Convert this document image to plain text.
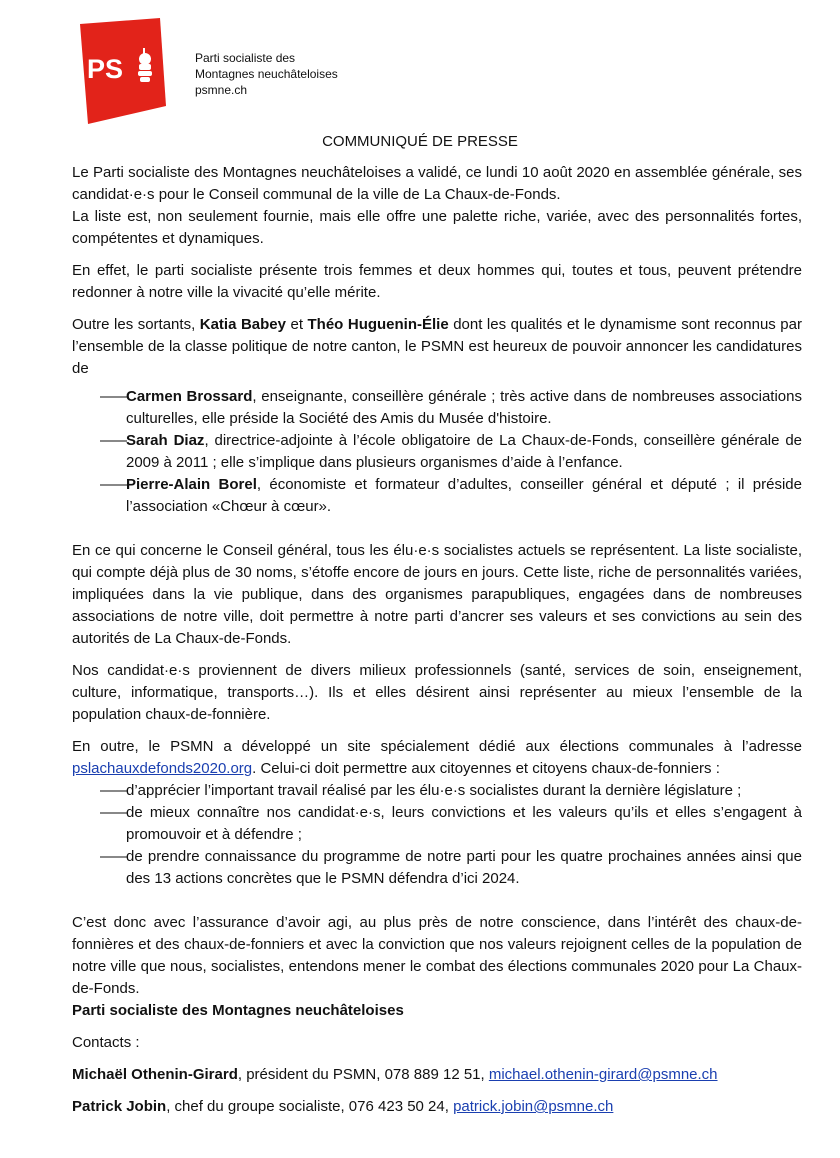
PS	Parti socialiste des
Montagnes neuchâteloises
psmne.ch
COMMUNIQUÉ DE PRESSE

Le Parti socialiste des Montagnes neuchâteloises a validé, ce lundi 10 août 2020 en assemblée générale, ses candidat·e·s pour le Conseil communal de la ville de La Chaux-de-Fonds.

La liste est, non seulement fournie, mais elle offre une palette riche, variée, avec des personnalités fortes, compétentes et dynamiques.

En effet, le parti socialiste présente trois femmes et deux hommes qui, toutes et tous, peuvent prétendre redonner à notre ville la vivacité qu’elle mérite.

Outre les sortants, Katia Babey et Théo Huguenin-Élie dont les qualités et le dynamisme sont reconnus par l’ensemble de la classe politique de notre canton, le PSMN est heureux de pouvoir annoncer les candidatures de

—— Carmen Brossard, enseignante, conseillère générale ; très active dans de nombreuses associations culturelles, elle préside la Société des Amis du Musée d'histoire.
—— Sarah Diaz, directrice-adjointe à l’école obligatoire de La Chaux-de-Fonds, conseillère générale de 2009 à 2011 ; elle s’implique dans plusieurs organismes d’aide à l’enfance.
—— Pierre-Alain Borel, économiste et formateur d’adultes, conseiller général et député ; il préside l’association «Chœur à cœur».

En ce qui concerne le Conseil général, tous les élu·e·s socialistes actuels se représentent. La liste socialiste, qui compte déjà plus de 30 noms, s’étoffe encore de jours en jours. Cette liste, riche de personnalités variées, impliquées dans la vie publique, dans des organismes parapubliques, engagées dans de nombreuses associations de notre ville, doit permettre à notre parti d’ancrer ses valeurs et ses convictions au sein des autorités de La Chaux-de-Fonds.

Nos candidat·e·s proviennent de divers milieux professionnels (santé, services de soin, enseignement, culture, informatique, transports…). Ils et elles désirent ainsi représenter au mieux l’ensemble de la population chaux-de-fonnière.

En outre, le PSMN a développé un site spécialement dédié aux élections communales à l’adresse pslachauxdefonds2020.org. Celui-ci doit permettre aux citoyennes et citoyens chaux-de-fonniers :

—— d’apprécier l’important travail réalisé par les élu·e·s socialistes durant la dernière législature ;
—— de mieux connaître nos candidat·e·s, leurs convictions et les valeurs qu’ils et elles s’engagent à promouvoir et à défendre ;
—— de prendre connaissance du programme de notre parti pour les quatre prochaines années ainsi que des 13 actions concrètes que le PSMN défendra d’ici 2024.

C’est donc avec l’assurance d’avoir agi, au plus près de notre conscience, dans l’intérêt des chaux-de-fonnières et des chaux-de-fonniers et avec la conviction que nos valeurs rejoignent celles de la population de notre ville que nous, socialistes, entendons mener le combat des élections communales 2020 pour La Chaux-de-Fonds.

Parti socialiste des Montagnes neuchâteloises

Contacts :

Michaël Othenin-Girard, président du PSMN, 078 889 12 51, michael.othenin-girard@psmne.ch

Patrick Jobin, chef du groupe socialiste, 076 423 50 24, patrick.jobin@psmne.ch
